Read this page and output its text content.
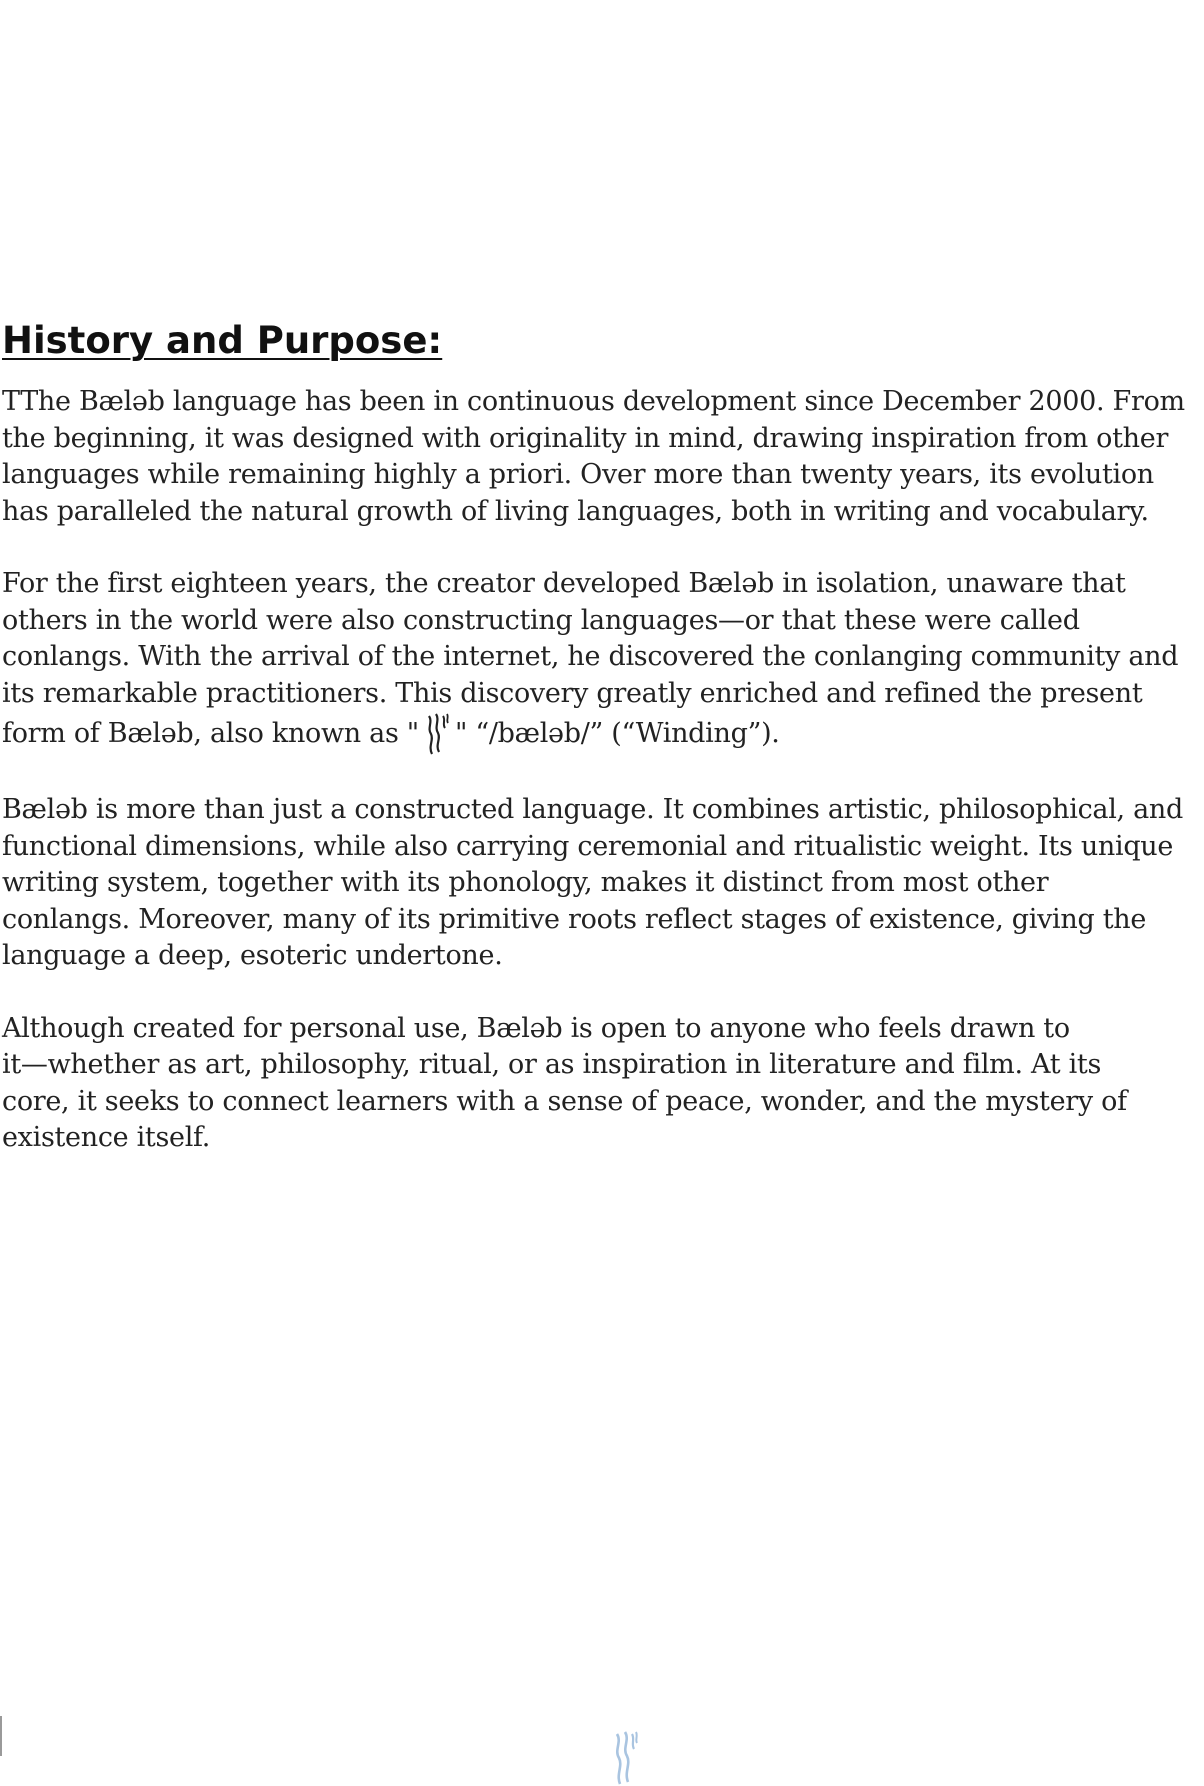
History and Purpose:

TThe Bæləb language has been in continuous development since December 2000. From
the beginning, it was designed with originality in mind, drawing inspiration from other
languages while remaining highly a priori. Over more than twenty years, its evolution
has paralleled the natural growth of living languages, both in writing and vocabulary.

For the first eighteen years, the creator developed Bæləb in isolation, unaware that
others in the world were also constructing languages—or that these were called
conlangs. With the arrival of the internet, he discovered the conlanging community and
its remarkable practitioners. This discovery greatly enriched and refined the present
form of Bæləb, also known as " " “/bæləb/” (“Winding”).

Bæləb is more than just a constructed language. It combines artistic, philosophical, and
functional dimensions, while also carrying ceremonial and ritualistic weight. Its unique
writing system, together with its phonology, makes it distinct from most other
conlangs. Moreover, many of its primitive roots reflect stages of existence, giving the
language a deep, esoteric undertone.

Although created for personal use, Bæləb is open to anyone who feels drawn to
it—whether as art, philosophy, ritual, or as inspiration in literature and film. At its
core, it seeks to connect learners with a sense of peace, wonder, and the mystery of
existence itself.
